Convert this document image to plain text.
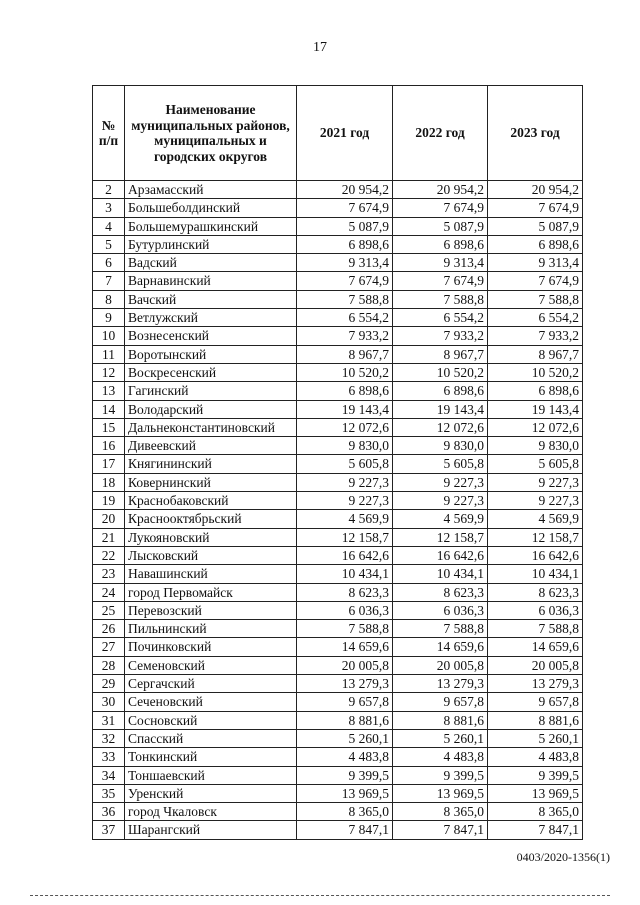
17
№ п/п	Наименование муниципальных районов, муниципальных и городских округов	2021 год	2022 год	2023 год
2	Арзамасский	20 954,2	20 954,2	20 954,2
3	Большеболдинский	7 674,9	7 674,9	7 674,9
4	Большемурашкинский	5 087,9	5 087,9	5 087,9
5	Бутурлинский	6 898,6	6 898,6	6 898,6
6	Вадский	9 313,4	9 313,4	9 313,4
7	Варнавинский	7 674,9	7 674,9	7 674,9
8	Вачский	7 588,8	7 588,8	7 588,8
9	Ветлужский	6 554,2	6 554,2	6 554,2
10	Вознесенский	7 933,2	7 933,2	7 933,2
11	Воротынский	8 967,7	8 967,7	8 967,7
12	Воскресенский	10 520,2	10 520,2	10 520,2
13	Гагинский	6 898,6	6 898,6	6 898,6
14	Володарский	19 143,4	19 143,4	19 143,4
15	Дальнеконстантиновский	12 072,6	12 072,6	12 072,6
16	Дивеевский	9 830,0	9 830,0	9 830,0
17	Княгининский	5 605,8	5 605,8	5 605,8
18	Ковернинский	9 227,3	9 227,3	9 227,3
19	Краснобаковский	9 227,3	9 227,3	9 227,3
20	Краснооктябрьский	4 569,9	4 569,9	4 569,9
21	Лукояновский	12 158,7	12 158,7	12 158,7
22	Лысковский	16 642,6	16 642,6	16 642,6
23	Навашинский	10 434,1	10 434,1	10 434,1
24	город Первомайск	8 623,3	8 623,3	8 623,3
25	Перевозский	6 036,3	6 036,3	6 036,3
26	Пильнинский	7 588,8	7 588,8	7 588,8
27	Починковский	14 659,6	14 659,6	14 659,6
28	Семеновский	20 005,8	20 005,8	20 005,8
29	Сергачский	13 279,3	13 279,3	13 279,3
30	Сеченовский	9 657,8	9 657,8	9 657,8
31	Сосновский	8 881,6	8 881,6	8 881,6
32	Спасский	5 260,1	5 260,1	5 260,1
33	Тонкинский	4 483,8	4 483,8	4 483,8
34	Тоншаевский	9 399,5	9 399,5	9 399,5
35	Уренский	13 969,5	13 969,5	13 969,5
36	город Чкаловск	8 365,0	8 365,0	8 365,0
37	Шарангский	7 847,1	7 847,1	7 847,1
0403/2020-1356(1)
